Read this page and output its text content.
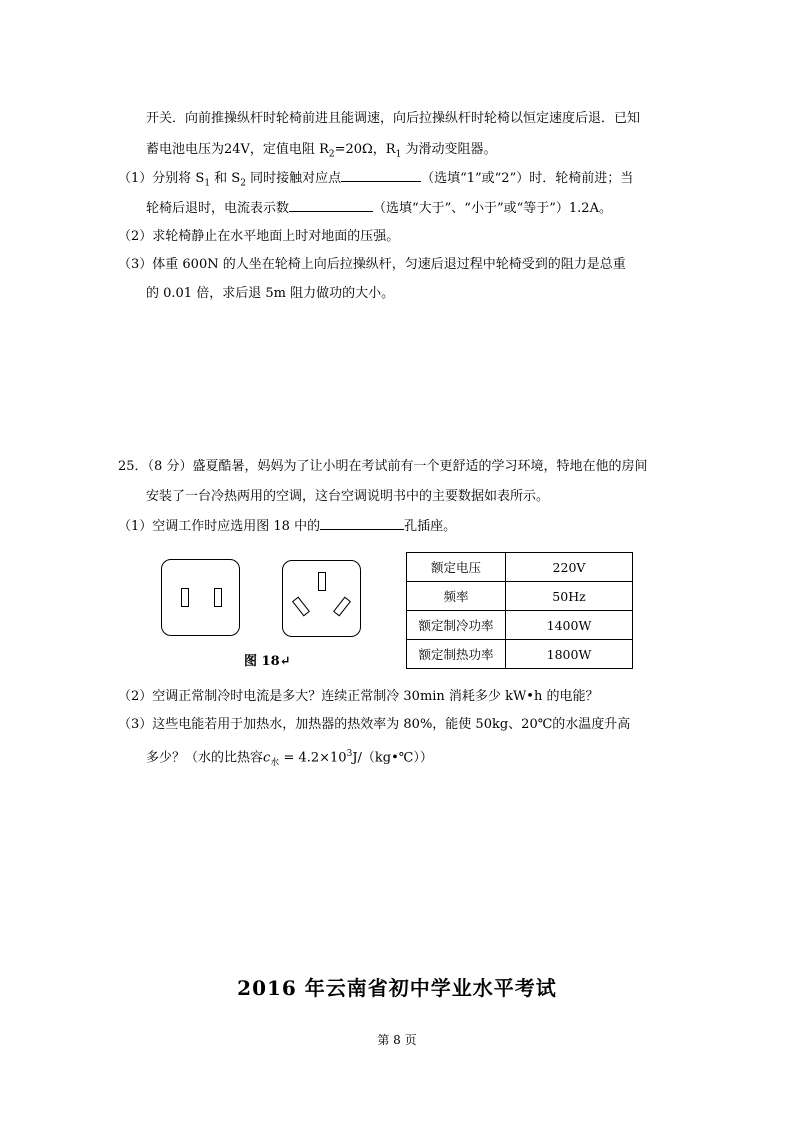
开关．向前推操纵杆时轮椅前进且能调速，向后拉操纵杆时轮椅以恒定速度后退．已知
蓄电池电压为24V，定值电阻 $R_2=20\Omega$，$R_1$ 为滑动变阻器。
（1）分别将 $S_1$ 和 $S_2$ 同时接触对应点	（选填“1”或“2”）时．轮椅前进；当
轮椅后退时，电流表示数	（选填“大于”、“小于”或“等于”）1.2A。
（2）求轮椅静止在水平地面上时对地面的压强。
（3）体重 600N 的人坐在轮椅上向后拉操纵杆，匀速后退过程中轮椅受到的阻力是总重
的 0.01 倍，求后退 5m 阻力做功的大小。
25．（8 分）盛夏酷暑，妈妈为了让小明在考试前有一个更舒适的学习环境，特地在他的房间
安装了一台冷热两用的空调，这台空调说明书中的主要数据如表所示。
（1）空调工作时应选用图 18 中的	孔插座。
图 18↵
额定电压	220V
频率	50Hz
额定制冷功率	1400W
额定制热功率	1800W
（2）空调正常制冷时电流是多大？连续正常制冷 30min 消耗多少 kW•h 的电能？
（3）这些电能若用于加热水，加热器的热效率为 80%，能使 50kg、20℃的水温度升高
多少？（水的比热容$c_水$ = $4.2\times 10^3J/(kg•℃)$）
2016 年云南省初中学业水平考试
第 8 页
